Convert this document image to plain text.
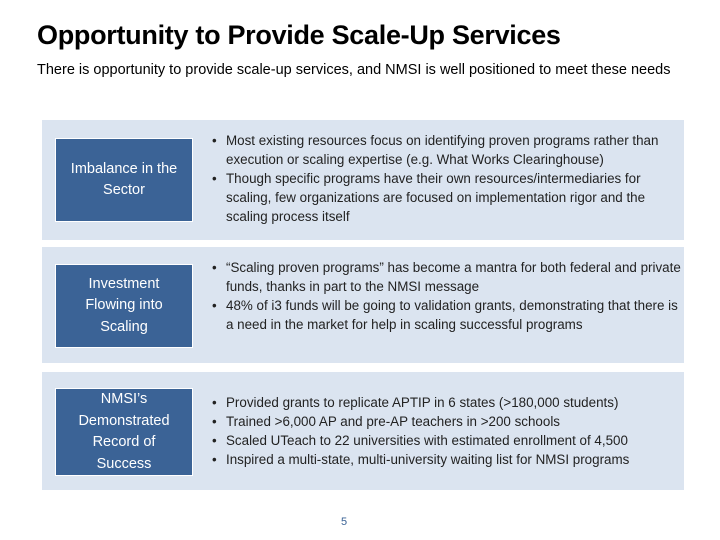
Opportunity to Provide Scale-Up Services
There is opportunity to provide scale-up services, and NMSI is well positioned to meet these needs
Imbalance in the Sector
• Most existing resources focus on identifying proven programs rather than execution or scaling expertise (e.g. What Works Clearinghouse)
• Though specific programs have their own resources/intermediaries for scaling, few organizations are focused on implementation rigor and the scaling process itself
Investment Flowing into Scaling
• “Scaling proven programs” has become a mantra for both federal and private funds, thanks in part to the NMSI message
• 48% of i3 funds will be going to validation grants, demonstrating that there is a need in the market for help in scaling successful programs
NMSI’s Demonstrated Record of Success
• Provided grants to replicate APTIP in 6 states (>180,000 students)
• Trained >6,000 AP and pre-AP teachers in >200 schools
• Scaled UTeach to 22 universities with estimated enrollment of 4,500
• Inspired a multi-state, multi-university waiting list for NMSI programs
5
